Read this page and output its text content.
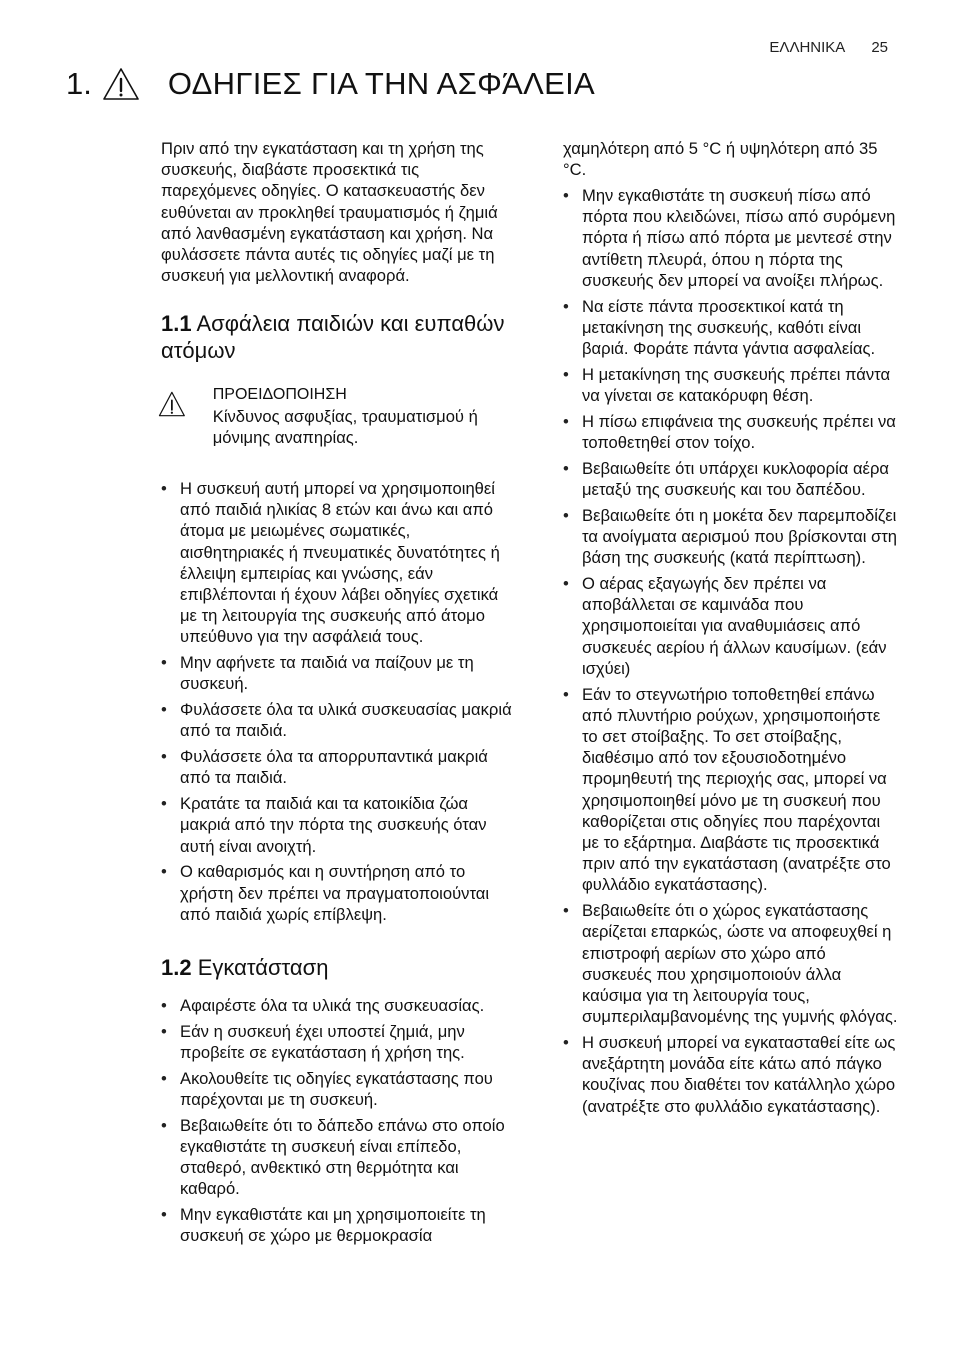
ΕΛΛΗΝΙΚΑ 25
1. ΟΔΗΓΙΕΣ ΓΙΑ ΤΗΝ ΑΣΦΆΛΕΙΑ

Πριν από την εγκατάσταση και τη χρήση της συσκευής, διαβάστε προσεκτικά τις παρεχόμενες οδηγίες. Ο κατασκευαστής δεν ευθύνεται αν προκληθεί τραυματισμός ή ζημιά από λανθασμένη εγκατάσταση και χρήση. Να φυλάσσετε πάντα αυτές τις οδηγίες μαζί με τη συσκευή για μελλοντική αναφορά.

1.1 Ασφάλεια παιδιών και ευπαθών ατόμων
ΠΡΟΕΙΔΟΠΟΙΗΣΗ
Κίνδυνος ασφυξίας, τραυματισμού ή μόνιμης αναπηρίας.
• Η συσκευή αυτή μπορεί να χρησιμοποιηθεί από παιδιά ηλικίας 8 ετών και άνω και από άτομα με μειωμένες σωματικές, αισθητηριακές ή πνευματικές δυνατότητες ή έλλειψη εμπειρίας και γνώσης, εάν επιβλέπονται ή έχουν λάβει οδηγίες σχετικά με τη λειτουργία της συσκευής από άτομο υπεύθυνο για την ασφάλειά τους.
• Μην αφήνετε τα παιδιά να παίζουν με τη συσκευή.
• Φυλάσσετε όλα τα υλικά συσκευασίας μακριά από τα παιδιά.
• Φυλάσσετε όλα τα απορρυπαντικά μακριά από τα παιδιά.
• Κρατάτε τα παιδιά και τα κατοικίδια ζώα μακριά από την πόρτα της συσκευής όταν αυτή είναι ανοιχτή.
• Ο καθαρισμός και η συντήρηση από το χρήστη δεν πρέπει να πραγματοποιούνται από παιδιά χωρίς επίβλεψη.
1.2 Εγκατάσταση
• Αφαιρέστε όλα τα υλικά της συσκευασίας.
• Εάν η συσκευή έχει υποστεί ζημιά, μην προβείτε σε εγκατάσταση ή χρήση της.
• Ακολουθείτε τις οδηγίες εγκατάστασης που παρέχονται με τη συσκευή.
• Βεβαιωθείτε ότι το δάπεδο επάνω στο οποίο εγκαθιστάτε τη συσκευή είναι επίπεδο, σταθερό, ανθεκτικό στη θερμότητα και καθαρό.
• Μην εγκαθιστάτε και μη χρησιμοποιείτε τη συσκευή σε χώρο με θερμοκρασία

χαμηλότερη από 5 °C ή υψηλότερη από 35 °C.

• Μην εγκαθιστάτε τη συσκευή πίσω από πόρτα που κλειδώνει, πίσω από συρόμενη πόρτα ή πίσω από πόρτα με μεντεσέ στην αντίθετη πλευρά, όπου η πόρτα της συσκευής δεν μπορεί να ανοίξει πλήρως.
• Να είστε πάντα προσεκτικοί κατά τη μετακίνηση της συσκευής, καθότι είναι βαριά. Φοράτε πάντα γάντια ασφαλείας.
• Η μετακίνηση της συσκευής πρέπει πάντα να γίνεται σε κατακόρυφη θέση.
• Η πίσω επιφάνεια της συσκευής πρέπει να τοποθετηθεί στον τοίχο.
• Βεβαιωθείτε ότι υπάρχει κυκλοφορία αέρα μεταξύ της συσκευής και του δαπέδου.
• Βεβαιωθείτε ότι η μοκέτα δεν παρεμποδίζει τα ανοίγματα αερισμού που βρίσκονται στη βάση της συσκευής (κατά περίπτωση).
• Ο αέρας εξαγωγής δεν πρέπει να αποβάλλεται σε καμινάδα που χρησιμοποιείται για αναθυμιάσεις από συσκευές αερίου ή άλλων καυσίμων. (εάν ισχύει)
• Εάν το στεγνωτήριο τοποθετηθεί επάνω από πλυντήριο ρούχων, χρησιμοποιήστε το σετ στοίβαξης. Το σετ στοίβαξης, διαθέσιμο από τον εξουσιοδοτημένο προμηθευτή της περιοχής σας, μπορεί να χρησιμοποιηθεί μόνο με τη συσκευή που καθορίζεται στις οδηγίες που παρέχονται με το εξάρτημα. Διαβάστε τις προσεκτικά πριν από την εγκατάσταση (ανατρέξτε στο φυλλάδιο εγκατάστασης).
• Βεβαιωθείτε ότι ο χώρος εγκατάστασης αερίζεται επαρκώς, ώστε να αποφευχθεί η επιστροφή αερίων στο χώρο από συσκευές που χρησιμοποιούν άλλα καύσιμα για τη λειτουργία τους, συμπεριλαμβανομένης της γυμνής φλόγας.
• Η συσκευή μπορεί να εγκατασταθεί είτε ως ανεξάρτητη μονάδα είτε κάτω από πάγκο κουζίνας που διαθέτει τον κατάλληλο χώρο (ανατρέξτε στο φυλλάδιο εγκατάστασης).
